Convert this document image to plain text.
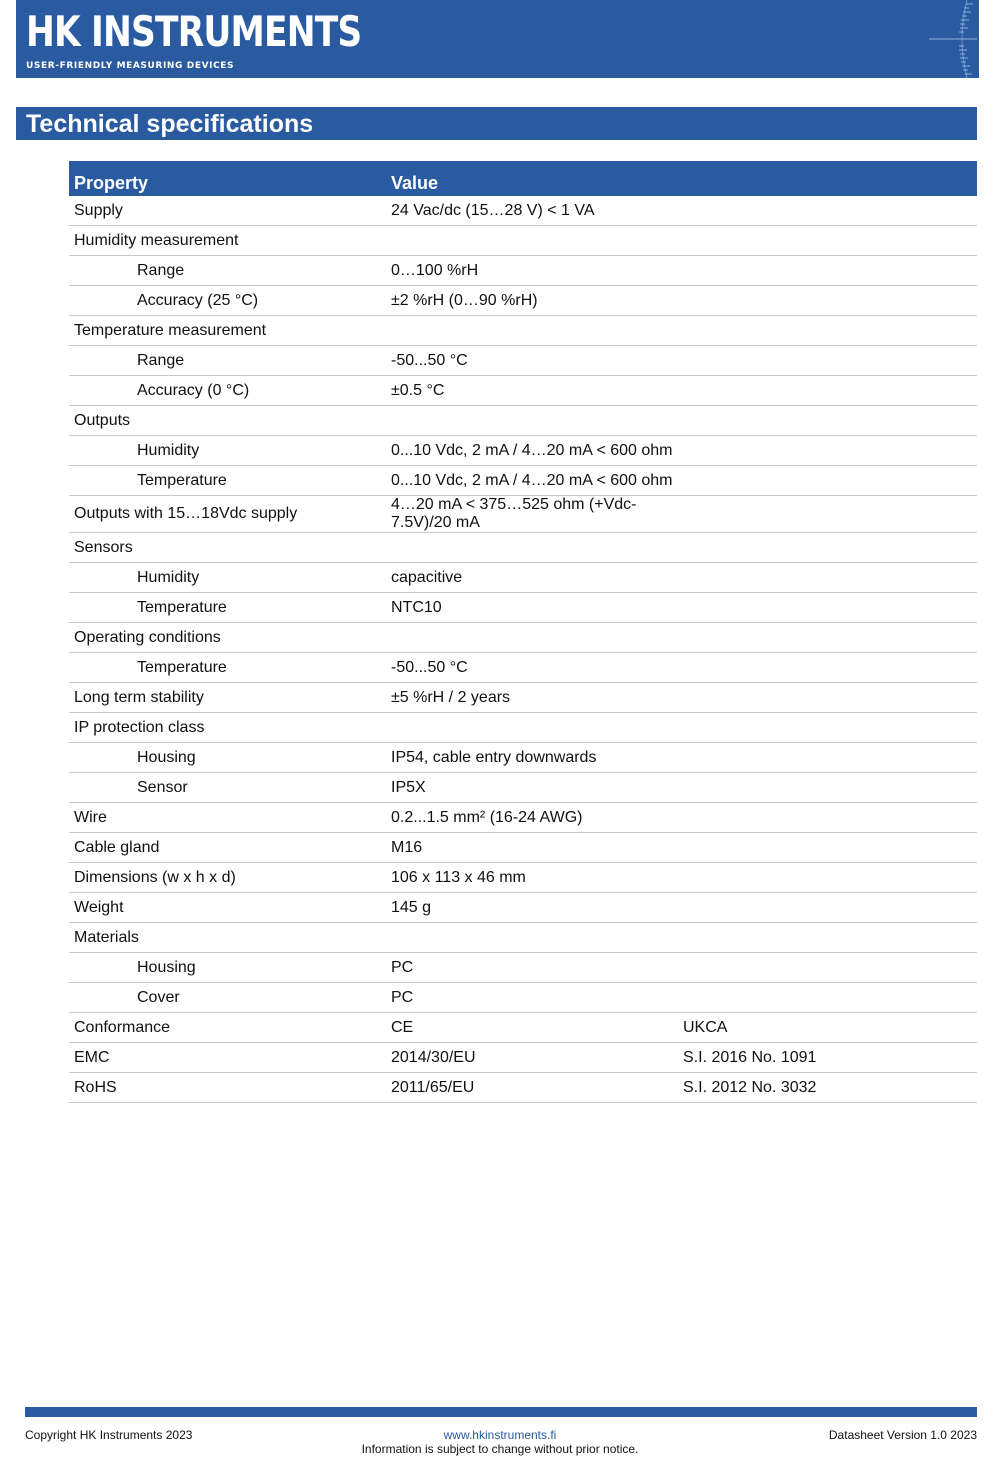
HK INSTRUMENTS
USER-FRIENDLY MEASURING DEVICES
Technical specifications
Property	Value	
Supply	24 Vac/dc (15…28 V) < 1 VA	
Humidity measurement		
Range	0…100 %rH	
Accuracy (25 °C)	±2 %rH (0…90 %rH)	
Temperature measurement		
Range	-50...50 °C	
Accuracy (0 °C)	±0.5 °C	
Outputs		
Humidity	0...10 Vdc, 2 mA / 4…20 mA < 600 ohm	
Temperature	0...10 Vdc, 2 mA / 4…20 mA < 600 ohm	
Outputs with 15…18Vdc supply	4…20 mA < 375…525 ohm (+Vdc-7.5V)/20 mA	
Sensors		
Humidity	capacitive	
Temperature	NTC10	
Operating conditions		
Temperature	-50...50 °C	
Long term stability	±5 %rH / 2 years	
IP protection class		
Housing	IP54, cable entry downwards	
Sensor	IP5X	
Wire	0.2...1.5 mm² (16-24 AWG)	
Cable gland	M16	
Dimensions (w x h x d)	106 x 113 x 46 mm	
Weight	145 g	
Materials		
Housing	PC	
Cover	PC	
Conformance	CE	UKCA
EMC	2014/30/EU	S.I. 2016 No. 1091
RoHS	2011/65/EU	S.I. 2012 No. 3032
Copyright HK Instruments 2023	www.hkinstruments.fi
Information is subject to change without prior notice.
Datasheet Version 1.0 2023
